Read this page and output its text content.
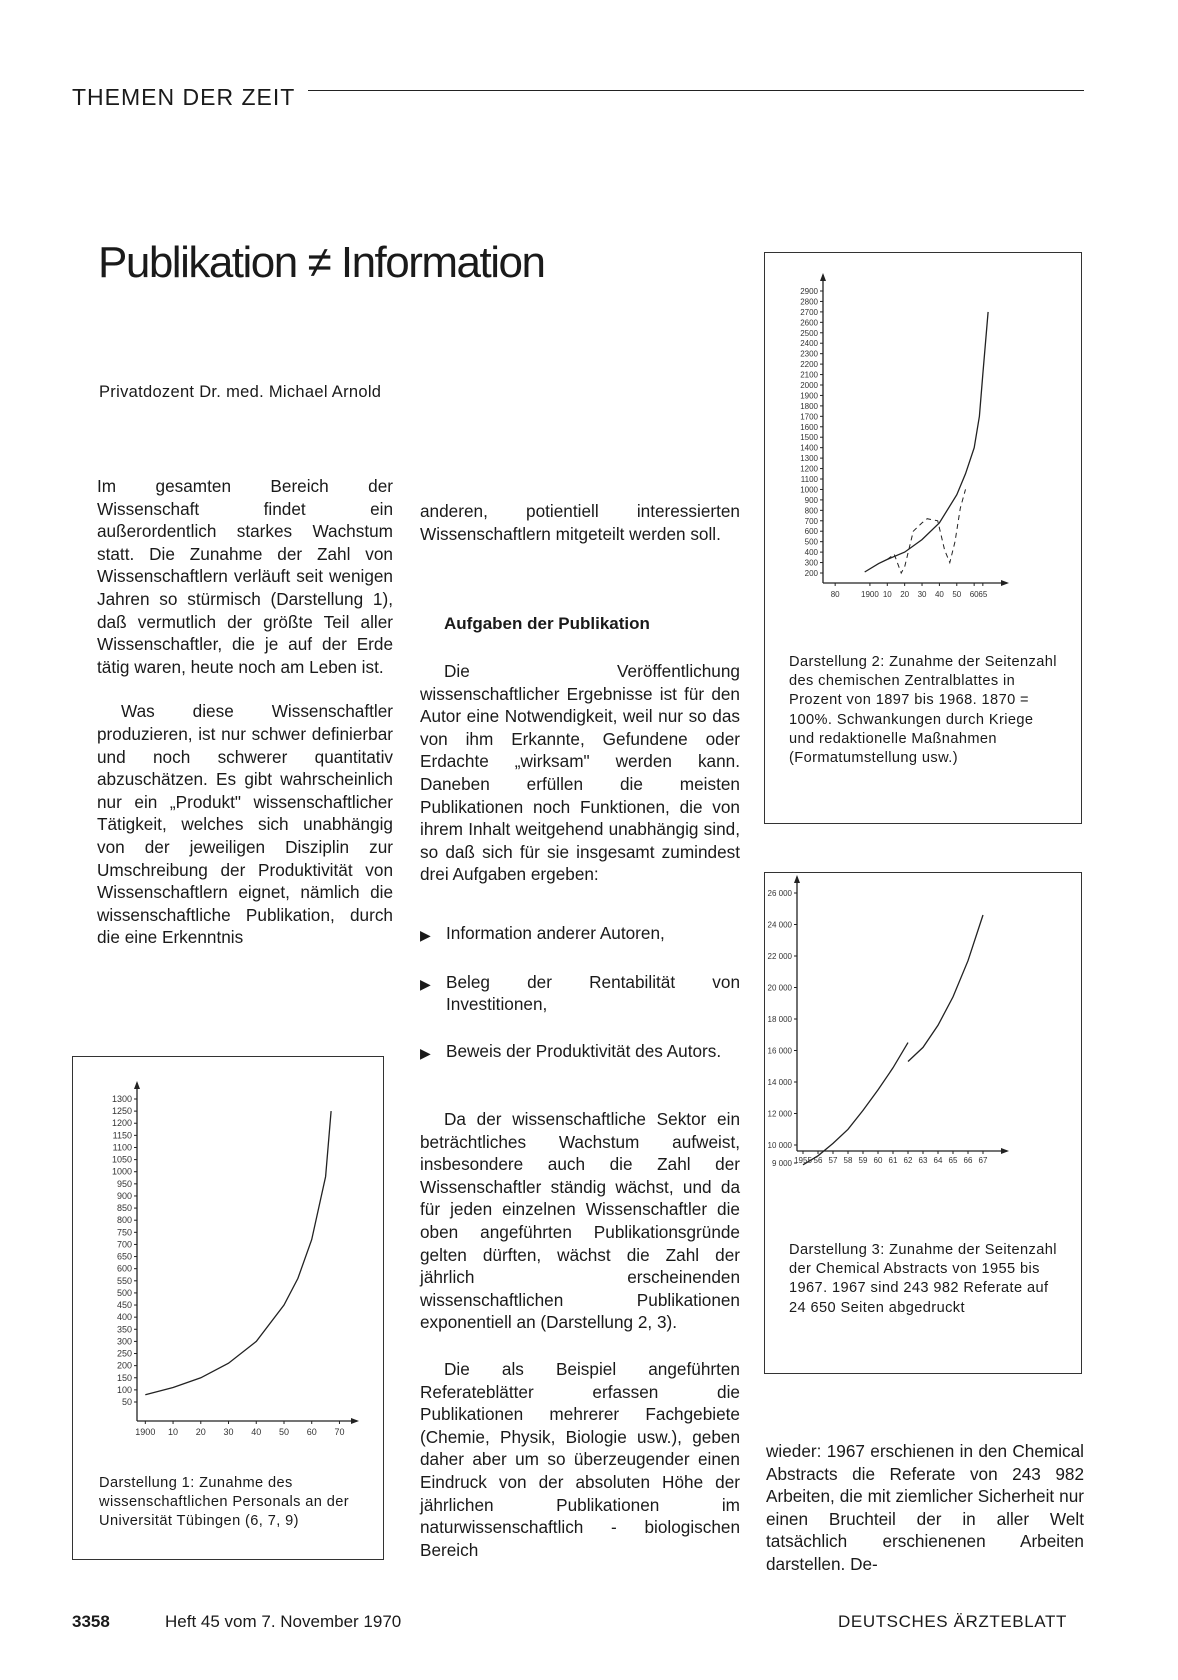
THEMEN DER ZEIT
Publikation ≠ Information
Privatdozent Dr. med. Michael Arnold

Im gesamten Bereich der Wissenschaft findet ein außerordentlich starkes Wachstum statt. Die Zunahme der Zahl von Wissenschaftlern verläuft seit wenigen Jahren so stürmisch (Darstellung 1), daß vermutlich der größte Teil aller Wissenschaftler, die je auf der Erde tätig waren, heute noch am Leben ist.

Was diese Wissenschaftler produzieren, ist nur schwer definierbar und noch schwerer quantitativ abzuschätzen. Es gibt wahrscheinlich nur ein „Produkt" wissenschaftlicher Tätigkeit, welches sich unabhängig von der jeweiligen Disziplin zur Umschreibung der Produktivität von Wissenschaftlern eignet, nämlich die wissenschaftliche Publikation, durch die eine Erkenntnis

anderen, potientiell interessierten Wissenschaftlern mitgeteilt werden soll.

Aufgaben der Publikation

Die Veröffentlichung wissenschaftlicher Ergebnisse ist für den Autor eine Notwendigkeit, weil nur so das von ihm Erkannte, Gefundene oder Erdachte „wirksam" werden kann. Daneben erfüllen die meisten Publikationen noch Funktionen, die von ihrem Inhalt weitgehend unabhängig sind, so daß sich für sie insgesamt zumindest drei Aufgaben ergeben:

▶ Information anderer Autoren,
▶ Beleg der Rentabilität von Investitionen,
▶ Beweis der Produktivität des Autors.

Da der wissenschaftliche Sektor ein beträchtliches Wachstum aufweist, insbesondere auch die Zahl der Wissenschaftler ständig wächst, und da für jeden einzelnen Wissenschaftler die oben angeführten Publikationsgründe gelten dürften, wächst die Zahl der jährlich erscheinenden wissenschaftlichen Publikationen exponentiell an (Darstellung 2, 3).

Die als Beispiel angeführten Referateblätter erfassen die Publikationen mehrerer Fachgebiete (Chemie, Physik, Biologie usw.), geben daher aber um so überzeugender einen Eindruck von der absoluten Höhe der jährlichen Publikationen im naturwissenschaftlich - biologischen Bereich

wieder: 1967 erschienen in den Chemical Abstracts die Referate von 243 982 Arbeiten, die mit ziemlicher Sicherheit nur einen Bruchteil der in aller Welt tatsächlich erschienenen Arbeiten darstellen. De-

1300
1250
1200
1150
1100
1050
1000
950
900
850
800
750
700
650
600
550
500
450
400
350
300
250
200
150
100
50
1900 10 20 30 40 50 60 70
Darstellung 1: Zunahme des wissenschaftlichen Personals an der Universität Tübingen (6, 7, 9)
2900
2800
2700
2600
2500
2400
2300
2200
2100
2000
1900
1800
1700
1600
1500
1400
1300
1200
1100
1000
900
800
700
600
500
400
300
200
80	1900 10 20 30 40 50 60 65
Darstellung 2: Zunahme der Seitenzahl des chemischen Zentralblattes in Prozent von 1897 bis 1968. 1870 = 100%. Schwankungen durch Kriege und redaktionelle Maßnahmen (Formatumstellung usw.)
26 000
24 000
22 000
20 000
18 000
16 000
14 000
12 000
10 000
9 000 1955 56 57 58 59 60 61 62 63 64 65 66 67
Darstellung 3: Zunahme der Seitenzahl der Chemical Abstracts von 1955 bis 1967. 1967 sind 243 982 Referate auf 24 650 Seiten abgedruckt
3358	Heft 45 vom 7. November 1970	DEUTSCHES ÄRZTEBLATT
